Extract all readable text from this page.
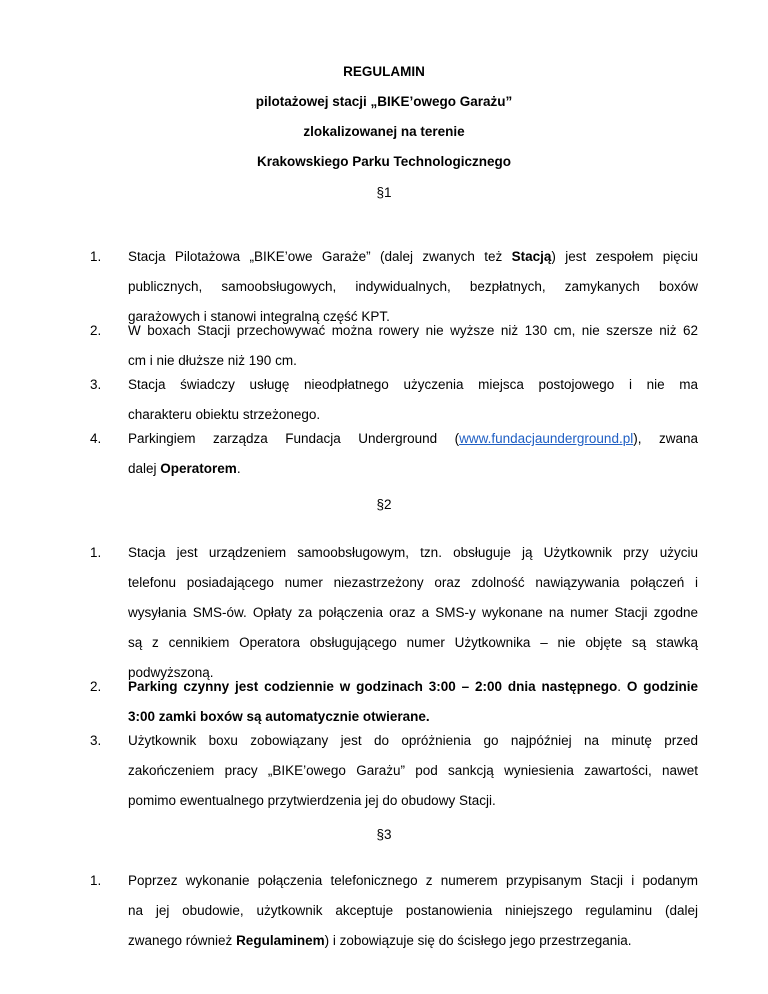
REGULAMIN
pilotażowej stacji „BIKE’owego Garażu”
zlokalizowanej na terenie
Krakowskiego Parku Technologicznego
§1
1.	Stacja Pilotażowa „BIKE’owe Garaże” (dalej zwanych też Stacją) jest zespołem pięciu
publicznych, samoobsługowych, indywidualnych, bezpłatnych, zamykanych boxów
garażowych i stanowi integralną część KPT.
2.	W boxach Stacji przechowywać można rowery nie wyższe niż 130 cm, nie szersze niż 62
cm i nie dłuższe niż 190 cm.
3.	Stacja świadczy usługę nieodpłatnego użyczenia miejsca postojowego i nie ma
charakteru obiektu strzeżonego.
4.	Parkingiem zarządza Fundacja Underground (www.fundacjaunderground.pl), zwana
dalej Operatorem.
§2
1.	Stacja jest urządzeniem samoobsługowym, tzn. obsługuje ją Użytkownik przy użyciu
telefonu posiadającego numer niezastrzeżony oraz zdolność nawiązywania połączeń i
wysyłania SMS-ów. Opłaty za połączenia oraz a SMS-y wykonane na numer Stacji zgodne
są z cennikiem Operatora obsługującego numer Użytkownika – nie objęte są stawką
podwyższoną.
2.	Parking czynny jest codziennie w godzinach 3:00 – 2:00 dnia następnego. O godzinie
3:00 zamki boxów są automatycznie otwierane.
3.	Użytkownik boxu zobowiązany jest do opróżnienia go najpóźniej na minutę przed
zakończeniem pracy „BIKE’owego Garażu” pod sankcją wyniesienia zawartości, nawet
pomimo ewentualnego przytwierdzenia jej do obudowy Stacji.
§3
1.	Poprzez wykonanie połączenia telefonicznego z numerem przypisanym Stacji i podanym
na jej obudowie, użytkownik akceptuje postanowienia niniejszego regulaminu (dalej
zwanego również Regulaminem) i zobowiązuje się do ścisłego jego przestrzegania.
